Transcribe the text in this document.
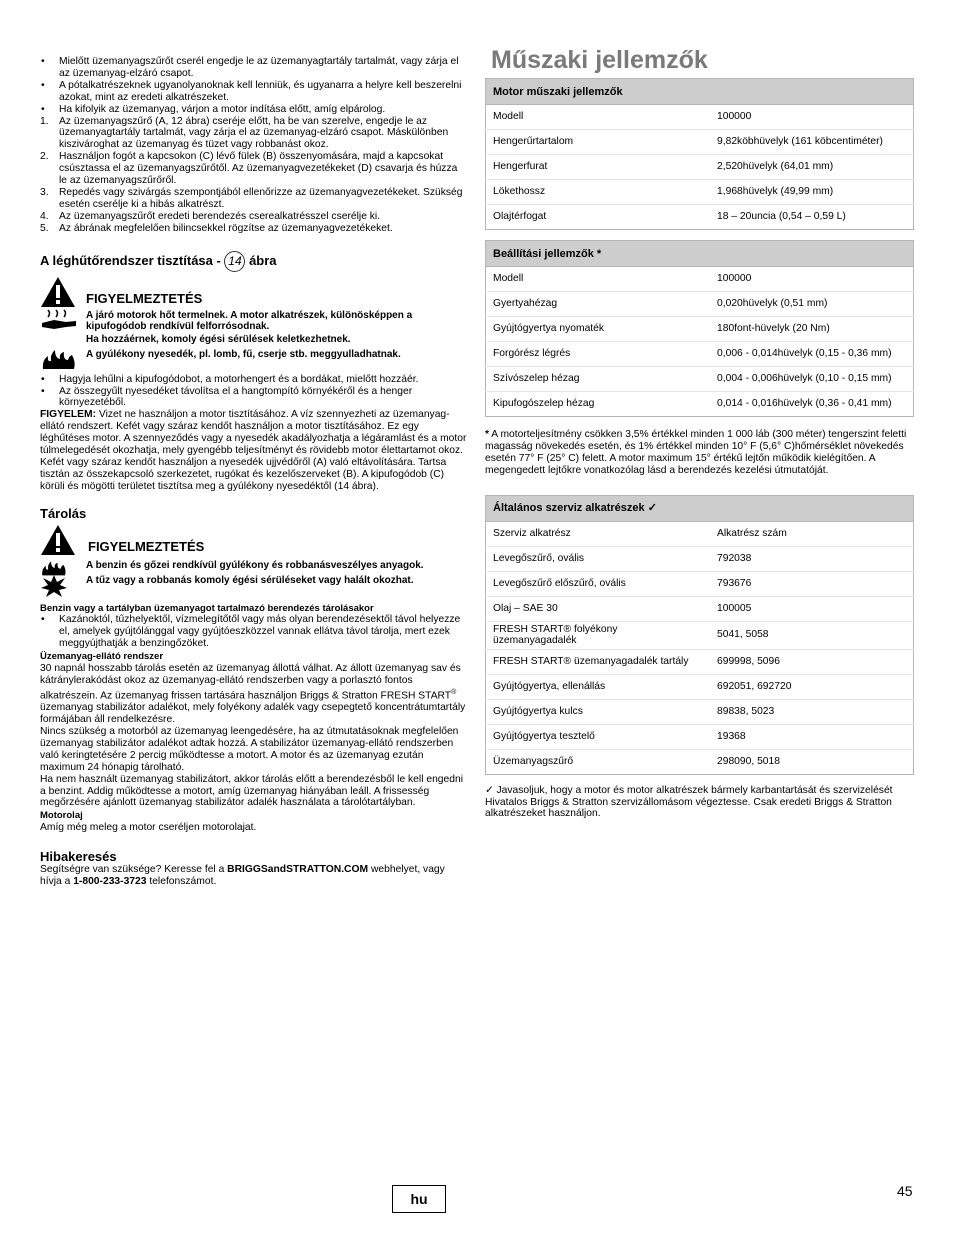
• Mielőtt üzemanyagszűrőt cserél engedje le az üzemanyagtartály tartalmát, vagy zárja el az üzemanyag-elzáró csapot.
• A pótalkatrészeknek ugyanolyanoknak kell lenniük, és ugyanarra a helyre kell beszerelni azokat, mint az eredeti alkatrészeket.
• Ha kifolyik az üzemanyag, várjon a motor indítása előtt, amíg elpárolog.
1. Az üzemanyagszűrő (A, 12 ábra) cseréje előtt, ha be van szerelve, engedje le az üzemanyagtartály tartalmát, vagy zárja el az üzemanyag-elzáró csapot. Máskülönben kiszivároghat az üzemanyag és tüzet vagy robbanást okoz.
2. Használjon fogót a kapcsokon (C) lévő fülek (B) összenyomására, majd a kapcsokat csúsztassa el az üzemanyagszűrőtől. Az üzemanyagvezetékeket (D) csavarja és húzza le az üzemanyagszűrőről.
3. Repedés vagy szivárgás szempontjából ellenőrizze az üzemanyagvezetékeket. Szükség esetén cserélje ki a hibás alkatrészt.
4. Az üzemanyagszűrőt eredeti berendezés cserealkatrésszel cserélje ki.
5. Az ábrának megfelelően bilincsekkel rögzítse az üzemanyagvezetékeket.
A léghűtőrendszer tisztítása - 14 ábra
FIGYELMEZTETÉS
A járó motorok hőt termelnek. A motor alkatrészek, különösképpen a kipufogódob rendkívül felforrósodnak.
Ha hozzáérnek, komoly égési sérülések keletkezhetnek.
A gyúlékony nyesedék, pl. lomb, fű, cserje stb. meggyulladhatnak.
• Hagyja lehűlni a kipufogódobot, a motorhengert és a bordákat, mielőtt hozzáér.
• Az összegyűlt nyesedéket távolítsa el a hangtompító környékéről és a henger környezetéből.

FIGYELEM: Vizet ne használjon a motor tisztításához. A víz szennyezheti az üzemanyag-ellátó rendszert. Kefét vagy száraz kendőt használjon a motor tisztításához. Ez egy léghűtéses motor. A szennyeződés vagy a nyesedék akadályozhatja a légáramlást és a motor túlmelegedését okozhatja, mely gyengébb teljesítményt és rövidebb motor élettartamot okoz.

Kefét vagy száraz kendőt használjon a nyesedék ujjvédőről (A) való eltávolítására. Tartsa tisztán az összekapcsoló szerkezetet, rugókat és kezelőszerveket (B). A kipufogódob (C) körüli és mögötti területet tisztítsa meg a gyúlékony nyesedéktől (14 ábra).

Tárolás
FIGYELMEZTETÉS
A benzin és gőzei rendkívül gyúlékony és robbanásveszélyes anyagok.
A tűz vagy a robbanás komoly égési sérüléseket vagy halált okozhat.

Benzin vagy a tartályban üzemanyagot tartalmazó berendezés tárolásakor

• Kazánoktól, tűzhelyektől, vízmelegítőtől vagy más olyan berendezésektől távol helyezze el, amelyek gyújtólánggal vagy gyújtóeszközzel vannak ellátva távol tárolja, mert ezek meggyújthatják a benzingőzöket.

Üzemanyag-ellátó rendszer

30 napnál hosszabb tárolás esetén az üzemanyag állottá válhat. Az állott üzemanyag sav és kátránylerakódást okoz az üzemanyag-ellátó rendszerben vagy a porlasztó fontos alkatrészein. Az üzemanyag frissen tartására használjon Briggs & Stratton FRESH START® üzemanyag stabilizátor adalékot, mely folyékony adalék vagy csepegtető koncentrátumtartály formájában áll rendelkezésre.

Nincs szükség a motorból az üzemanyag leengedésére, ha az útmutatásoknak megfelelően üzemanyag stabilizátor adalékot adtak hozzá. A stabilizátor üzemanyag-ellátó rendszerben való keringtetésére 2 percig működtesse a motort. A motor és az üzemanyag ezután maximum 24 hónapig tárolható.

Ha nem használt üzemanyag stabilizátort, akkor tárolás előtt a berendezésből le kell engedni a benzint. Addig működtesse a motort, amíg üzemanyag hiányában leáll. A frissesség megőrzésére ajánlott üzemanyag stabilizátor adalék használata a tárolótartályban.

Motorolaj

Amíg még meleg a motor cseréljen motorolajat.

Hibakeresés

Segítségre van szüksége? Keresse fel a BRIGGSandSTRATTON.COM webhelyet, vagy hívja a 1-800-233-3723 telefonszámot.

Műszaki jellemzők
Motor műszaki jellemzők	
Modell	100000
Hengerűrtartalom	9,82köbhüvelyk (161 köbcentiméter)
Hengerfurat	2,520hüvelyk (64,01 mm)
Lökethossz	1,968hüvelyk (49,99 mm)
Olajtérfogat	18 – 20uncia (0,54 – 0,59 L)
Beállítási jellemzők *	
Modell	100000
Gyertyahézag	0,020hüvelyk (0,51 mm)
Gyújtógyertya nyomaték	180font-hüvelyk (20 Nm)
Forgórész légrés	0,006 - 0,014hüvelyk (0,15 - 0,36 mm)
Szívószelep hézag	0,004 - 0,006hüvelyk (0,10 - 0,15 mm)
Kipufogószelep hézag	0,014 - 0,016hüvelyk (0,36 - 0,41 mm)

* A motorteljesítmény csökken 3,5% értékkel minden 1 000 láb (300 méter) tengerszint feletti magasság növekedés esetén, és 1% értékkel minden 10° F (5,6° C)hőmérséklet növekedés esetén 77° F (25° C) felett. A motor maximum 15° értékű lejtőn működik kielégítően. A megengedett lejtőkre vonatkozólag lásd a berendezés kezelési útmutatóját.

Általános szerviz alkatrészek ✓	
Szerviz alkatrész	Alkatrész szám
Levegőszűrő, ovális	792038
Levegőszűrő előszűrő, ovális	793676
Olaj – SAE 30	100005
FRESH START® folyékony üzemanyagadalék	5041, 5058
FRESH START® üzemanyagadalék tartály	699998, 5096
Gyújtógyertya, ellenállás	692051, 692720
Gyújtógyertya kulcs	89838, 5023
Gyújtógyertya tesztelő	19368
Üzemanyagszűrő	298090, 5018

✓ Javasoljuk, hogy a motor és motor alkatrészek bármely karbantartását és szervizelését Hivatalos Briggs & Stratton szervizállomásom végeztesse. Csak eredeti Briggs & Stratton alkatrészeket használjon.

hu	45
